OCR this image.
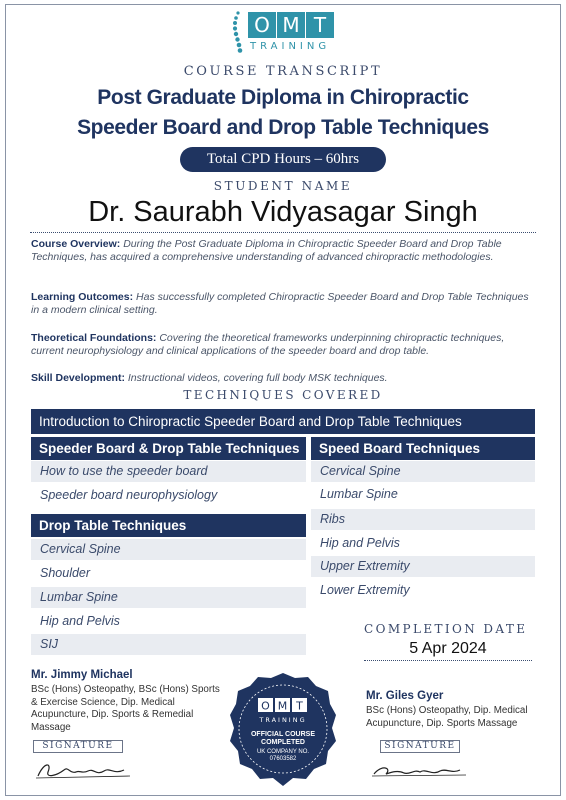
O M T
TRAINING
COURSE TRANSCRIPT
Post Graduate Diploma in Chiropractic
Speeder Board and Drop Table Techniques
Total CPD Hours – 60hrs
STUDENT NAME
Dr. Saurabh Vidyasagar Singh
Course Overview: During the Post Graduate Diploma in Chiropractic Speeder Board and Drop Table Techniques, has acquired a comprehensive understanding of advanced chiropractic methodologies.
Learning Outcomes: Has successfully completed Chiropractic Speeder Board and Drop Table Techniques in a modern clinical setting.
Theoretical Foundations: Covering the theoretical frameworks underpinning chiropractic techniques, current neurophysiology and clinical applications of the speeder board and drop table.
Skill Development: Instructional videos, covering full body MSK techniques.
TECHNIQUES COVERED
Introduction to Chiropractic Speeder Board and Drop Table Techniques
Speeder Board & Drop Table Techniques
How to use the speeder board
Speeder board neurophysiology
Drop Table Techniques
Cervical Spine
Shoulder
Lumbar Spine
Hip and Pelvis
SIJ
Speed Board Techniques
Cervical Spine
Lumbar Spine
Ribs
Hip and Pelvis
Upper Extremity
Lower Extremity
COMPLETION DATE
5 Apr 2024
Mr. Jimmy Michael
BSc (Hons) Osteopathy, BSc (Hons) Sports & Exercise Science, Dip. Medical Acupuncture, Dip. Sports & Remedial Massage
SIGNATURE
Mr. Giles Gyer
BSc (Hons) Osteopathy, Dip. Medical Acupuncture, Dip. Sports Massage
SIGNATURE
O M T
TRAINING
OFFICIAL COURSE
COMPLETED
UK COMPANY NO.
07603582
